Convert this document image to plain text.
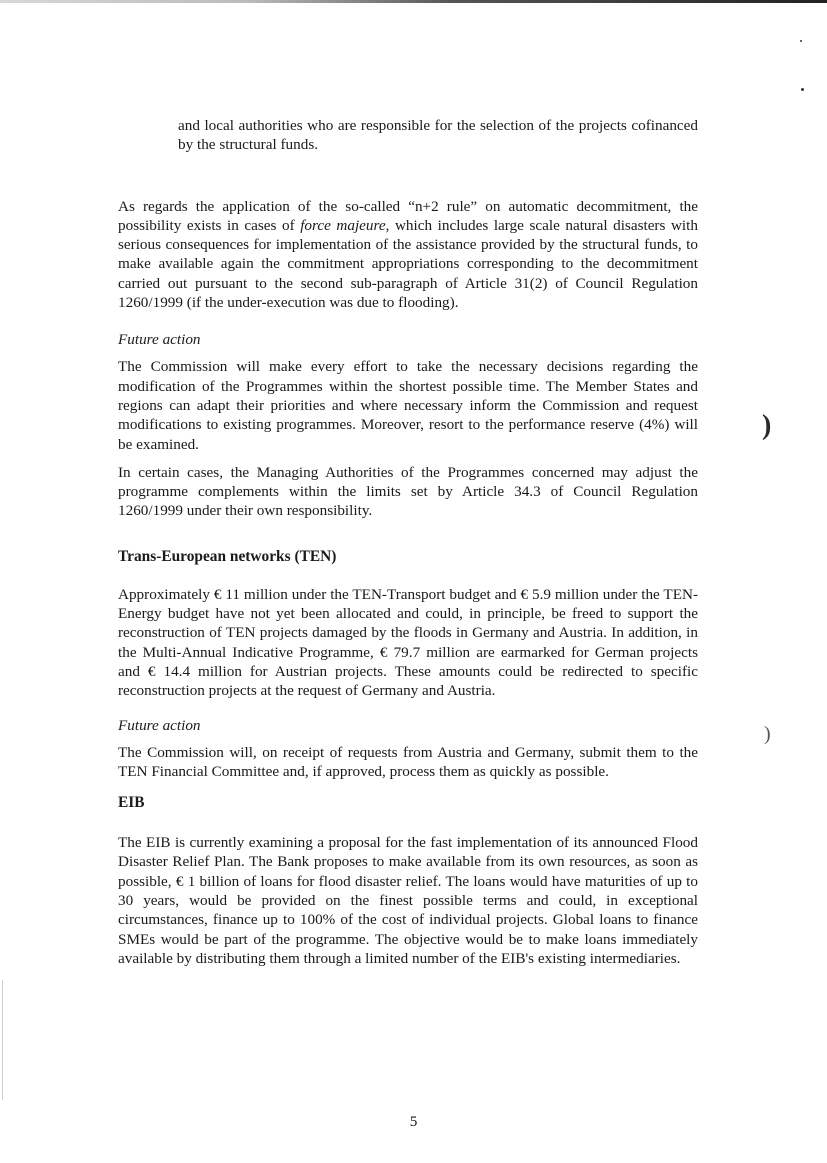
)
)

and local authorities who are responsible for the selection of the projects cofinanced by the structural funds.

As regards the application of the so-called “n+2 rule” on automatic decommitment, the possibility exists in cases of force majeure, which includes large scale natural disasters with serious consequences for implementation of the assistance provided by the structural funds, to make available again the commitment appropriations corresponding to the decommitment carried out pursuant to the second sub-paragraph of Article 31(2) of Council Regulation 1260/1999 (if the under-execution was due to flooding).

Future action

The Commission will make every effort to take the necessary decisions regarding the modification of the Programmes within the shortest possible time. The Member States and regions can adapt their priorities and where necessary inform the Commission and request modifications to existing programmes. Moreover, resort to the performance reserve (4%) will be examined.

In certain cases, the Managing Authorities of the Programmes concerned may adjust the programme complements within the limits set by Article 34.3 of Council Regulation 1260/1999 under their own responsibility.

Trans-European networks (TEN)

Approximately € 11 million under the TEN-Transport budget and € 5.9 million under the TEN-Energy budget have not yet been allocated and could, in principle, be freed to support the reconstruction of TEN projects damaged by the floods in Germany and Austria. In addition, in the Multi-Annual Indicative Programme, € 79.7 million are earmarked for German projects and € 14.4 million for Austrian projects. These amounts could be redirected to specific reconstruction projects at the request of Germany and Austria.

Future action

The Commission will, on receipt of requests from Austria and Germany, submit them to the TEN Financial Committee and, if approved, process them as quickly as possible.

EIB

The EIB is currently examining a proposal for the fast implementation of its announced Flood Disaster Relief Plan. The Bank proposes to make available from its own resources, as soon as possible, € 1 billion of loans for flood disaster relief. The loans would have maturities of up to 30 years, would be provided on the finest possible terms and could, in exceptional circumstances, finance up to 100% of the cost of individual projects. Global loans to finance SMEs would be part of the programme. The objective would be to make loans immediately available by distributing them through a limited number of the EIB's existing intermediaries.

5
